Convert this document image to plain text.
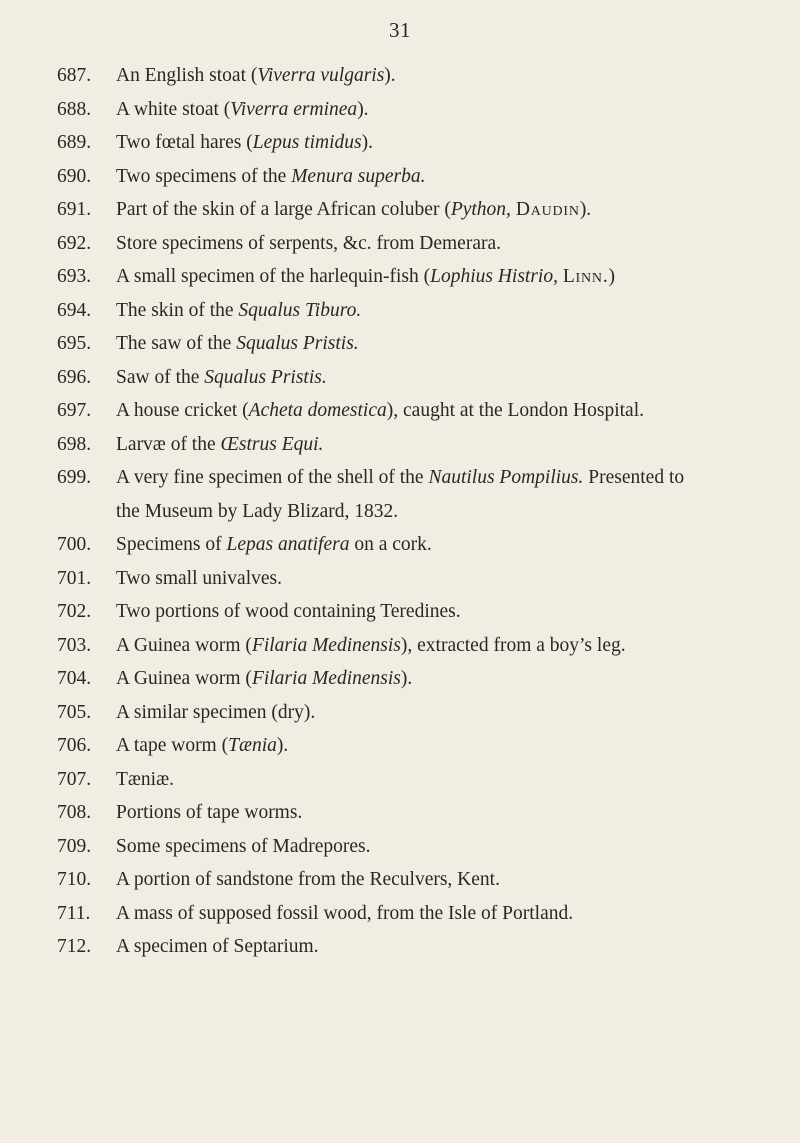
31
687. An English stoat (Viverra vulgaris).
688. A white stoat (Viverra erminea).
689. Two fœtal hares (Lepus timidus).
690. Two specimens of the Menura superba.
691. Part of the skin of a large African coluber (Python, Daudin).
692. Store specimens of serpents, &c. from Demerara.
693. A small specimen of the harlequin-fish (Lophius Histrio, Linn.)
694. The skin of the Squalus Tiburo.
695. The saw of the Squalus Pristis.
696. Saw of the Squalus Pristis.
697. A house cricket (Acheta domestica), caught at the London Hospital.
698. Larvæ of the Œstrus Equi.
699. A very fine specimen of the shell of the Nautilus Pompilius. Presented to
the Museum by Lady Blizard, 1832.
700. Specimens of Lepas anatifera on a cork.
701. Two small univalves.
702. Two portions of wood containing Teredines.
703. A Guinea worm (Filaria Medinensis), extracted from a boy’s leg.
704. A Guinea worm (Filaria Medinensis).
705. A similar specimen (dry).
706. A tape worm (Tænia).
707. Tæniæ.
708. Portions of tape worms.
709. Some specimens of Madrepores.
710. A portion of sandstone from the Reculvers, Kent.
711. A mass of supposed fossil wood, from the Isle of Portland.
712. A specimen of Septarium.
